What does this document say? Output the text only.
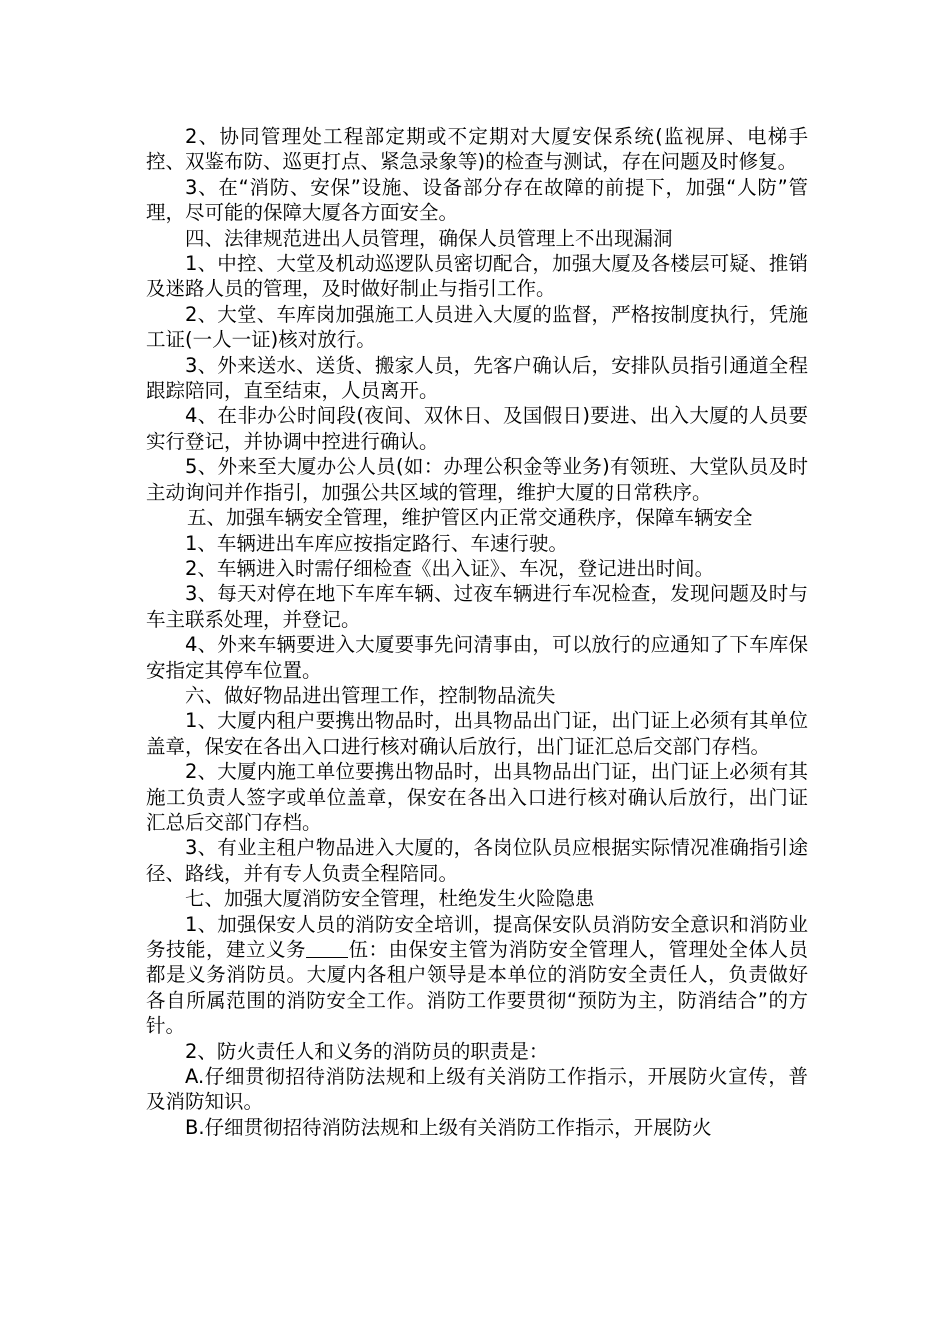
2、协同管理处工程部定期或不定期对大厦安保系统(监视屏、电梯手控、双鉴布防、巡更打点、紧急录象等)的检查与测试，存在问题及时修复。

3、在“消防、安保”设施、设备部分存在故障的前提下，加强“人防”管理，尽可能的保障大厦各方面安全。

四、法律规范进出人员管理，确保人员管理上不出现漏洞

1、中控、大堂及机动巡逻队员密切配合，加强大厦及各楼层可疑、推销及迷路人员的管理，及时做好制止与指引工作。

2、大堂、车库岗加强施工人员进入大厦的监督，严格按制度执行，凭施工证(一人一证)核对放行。

3、外来送水、送货、搬家人员，先客户确认后，安排队员指引通道全程跟踪陪同，直至结束，人员离开。

4、在非办公时间段(夜间、双休日、及国假日)要进、出入大厦的人员要实行登记，并协调中控进行确认。

5、外来至大厦办公人员(如：办理公积金等业务)有领班、大堂队员及时主动询问并作指引，加强公共区域的管理，维护大厦的日常秩序。

五、加强车辆安全管理，维护管区内正常交通秩序，保障车辆安全

1、车辆进出车库应按指定路行、车速行驶。

2、车辆进入时需仔细检查《出入证》、车况，登记进出时间。

3、每天对停在地下车库车辆、过夜车辆进行车况检查，发现问题及时与车主联系处理，并登记。

4、外来车辆要进入大厦要事先问清事由，可以放行的应通知了下车库保安指定其停车位置。

六、做好物品进出管理工作，控制物品流失

1、大厦内租户要携出物品时，出具物品出门证，出门证上必须有其单位盖章，保安在各出入口进行核对确认后放行，出门证汇总后交部门存档。

2、大厦内施工单位要携出物品时，出具物品出门证，出门证上必须有其施工负责人签字或单位盖章，保安在各出入口进行核对确认后放行，出门证汇总后交部门存档。

3、有业主租户物品进入大厦的，各岗位队员应根据实际情况准确指引途径、路线，并有专人负责全程陪同。

七、加强大厦消防安全管理，杜绝发生火险隐患

1、加强保安人员的消防安全培训，提高保安队员消防安全意识和消防业务技能，建立义务 伍：由保安主管为消防安全管理人，管理处全体人员都是义务消防员。大厦内各租户领导是本单位的消防安全责任人，负责做好各自所属范围的消防安全工作。消防工作要贯彻“预防为主，防消结合”的方针。

2、防火责任人和义务的消防员的职责是：

A.仔细贯彻招待消防法规和上级有关消防工作指示，开展防火宣传，普及消防知识。

B.仔细贯彻招待消防法规和上级有关消防工作指示，开展防火
